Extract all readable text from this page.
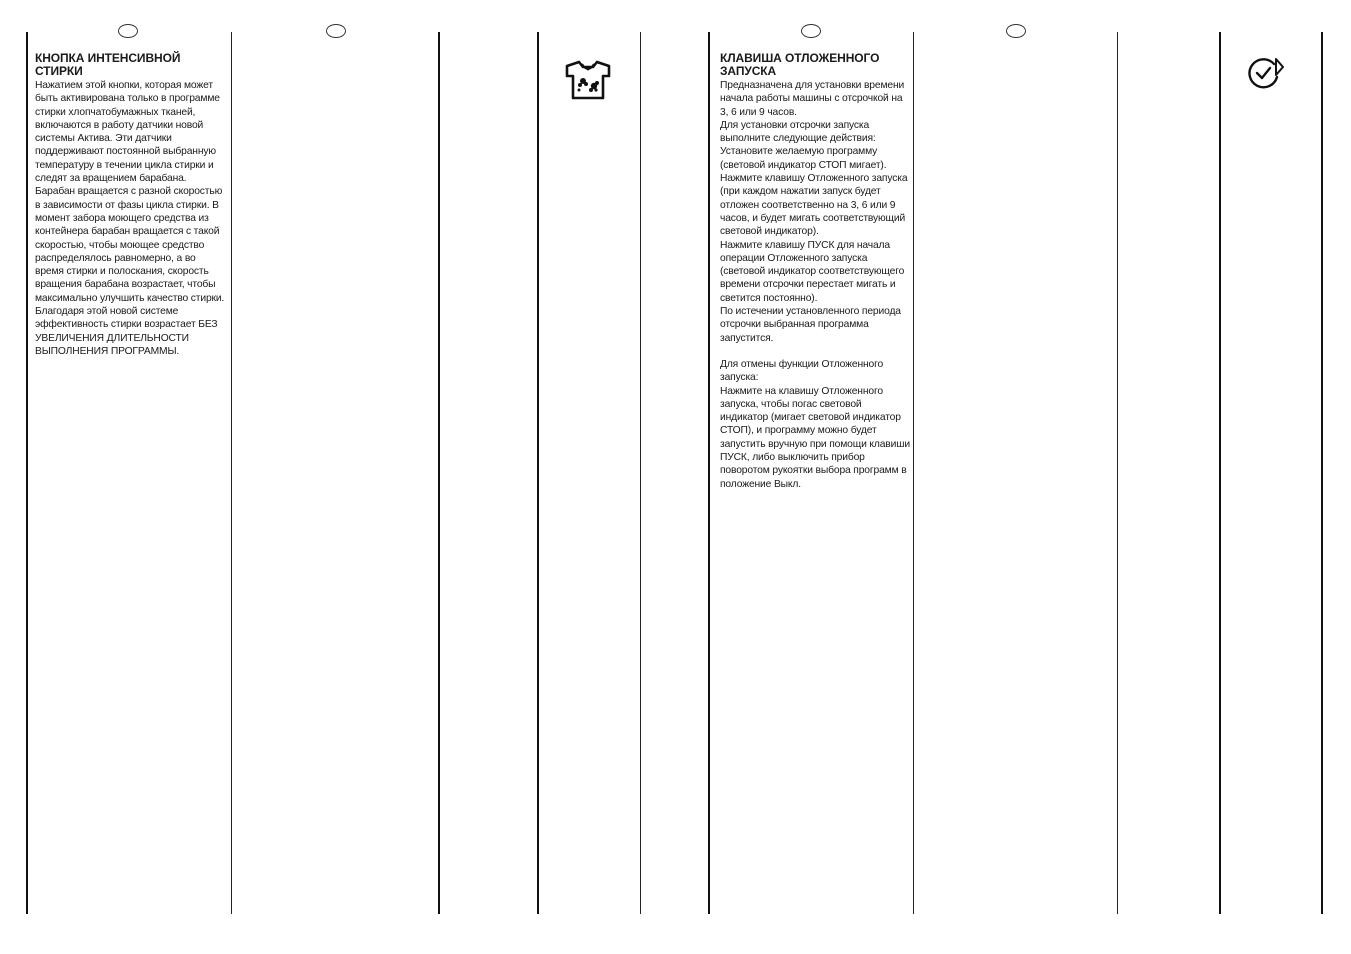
КНОПКА ИНТЕНСИВНОЙ СТИРКИ

Нажатием этой кнопки, которая может быть активирована только в программе стирки хлопчатобумажных тканей, включаются в работу датчики новой системы Актива. Эти датчики поддерживают постоянной выбранную температуру в течении цикла стирки и следят за вращением барабана.

Барабан вращается с разной скоростью в зависимости от фазы цикла стирки. В момент забора моющего средства из контейнера барабан вращается с такой скоростью, чтобы моющее средство распределялось равномерно, а во время стирки и полоскания, скорость вращения барабана возрастает, чтобы максимально улучшить качество стирки. Благодаря этой новой системе эффективность стирки возрастает БЕЗ УВЕЛИЧЕНИЯ ДЛИТЕЛЬНОСТИ ВЫПОЛНЕНИЯ ПРОГРАММЫ.

КЛАВИША ОТЛОЖЕННОГО ЗАПУСКА

Предназначена для установки времени начала работы машины с отсрочкой на 3, 6 или 9 часов.

Для установки отсрочки запуска выполните следующие действия:

Установите желаемую программу (световой индикатор СТОП мигает).

Нажмите клавишу Отложенного запуска (при каждом нажатии запуск будет отложен соответственно на 3, 6 или 9 часов, и будет мигать соответствующий световой индикатор).

Нажмите клавишу ПУСК для начала операции Отложенного запуска (световой индикатор соответствующего времени отсрочки перестает мигать и светится постоянно).

По истечении установленного периода отсрочки выбранная программа запустится.

Для отмены функции Отложенного запуска:

Нажмите на клавишу Отложенного запуска, чтобы погас световой индикатор (мигает световой индикатор СТОП), и программу можно будет запустить вручную при помощи клавиши ПУСК, либо выключить прибор поворотом рукоятки выбора программ в положение Выкл.
